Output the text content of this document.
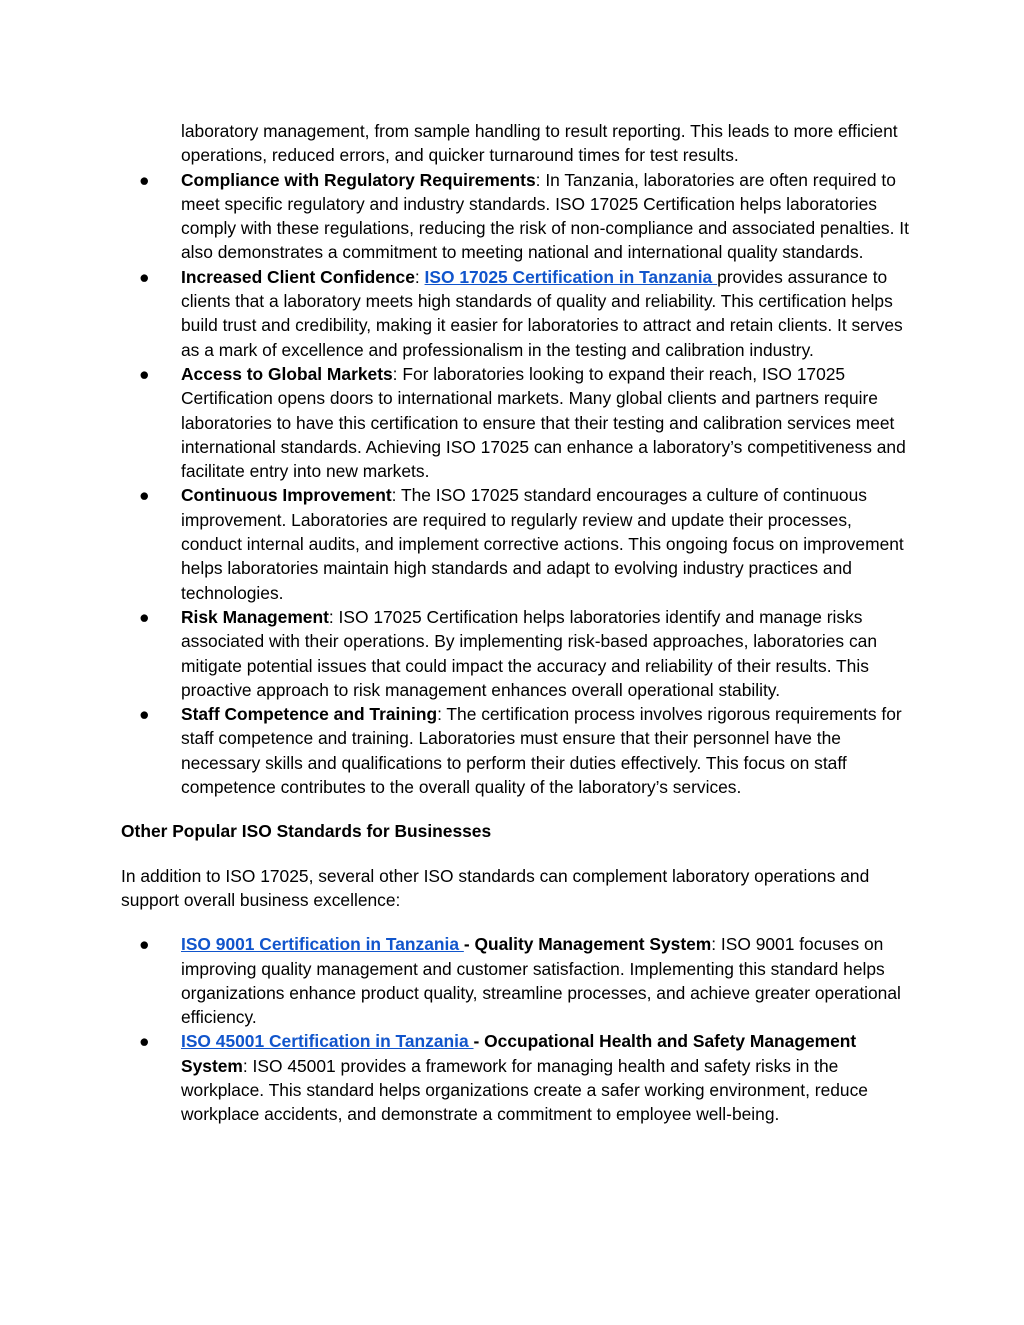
laboratory management, from sample handling to result reporting. This leads to more efficient operations, reduced errors, and quicker turnaround times for test results.
● Compliance with Regulatory Requirements: In Tanzania, laboratories are often required to meet specific regulatory and industry standards. ISO 17025 Certification helps laboratories comply with these regulations, reducing the risk of non-compliance and associated penalties. It also demonstrates a commitment to meeting national and international quality standards.
● Increased Client Confidence: ISO 17025 Certification in Tanzania provides assurance to clients that a laboratory meets high standards of quality and reliability. This certification helps build trust and credibility, making it easier for laboratories to attract and retain clients. It serves as a mark of excellence and professionalism in the testing and calibration industry.
● Access to Global Markets: For laboratories looking to expand their reach, ISO 17025 Certification opens doors to international markets. Many global clients and partners require laboratories to have this certification to ensure that their testing and calibration services meet international standards. Achieving ISO 17025 can enhance a laboratory’s competitiveness and facilitate entry into new markets.
● Continuous Improvement: The ISO 17025 standard encourages a culture of continuous improvement. Laboratories are required to regularly review and update their processes, conduct internal audits, and implement corrective actions. This ongoing focus on improvement helps laboratories maintain high standards and adapt to evolving industry practices and technologies.
● Risk Management: ISO 17025 Certification helps laboratories identify and manage risks associated with their operations. By implementing risk-based approaches, laboratories can mitigate potential issues that could impact the accuracy and reliability of their results. This proactive approach to risk management enhances overall operational stability.
● Staff Competence and Training: The certification process involves rigorous requirements for staff competence and training. Laboratories must ensure that their personnel have the necessary skills and qualifications to perform their duties effectively. This focus on staff competence contributes to the overall quality of the laboratory’s services.
Other Popular ISO Standards for Businesses
In addition to ISO 17025, several other ISO standards can complement laboratory operations and support overall business excellence:
● ISO 9001 Certification in Tanzania - Quality Management System: ISO 9001 focuses on improving quality management and customer satisfaction. Implementing this standard helps organizations enhance product quality, streamline processes, and achieve greater operational efficiency.
● ISO 45001 Certification in Tanzania - Occupational Health and Safety Management System: ISO 45001 provides a framework for managing health and safety risks in the workplace. This standard helps organizations create a safer working environment, reduce workplace accidents, and demonstrate a commitment to employee well-being.
